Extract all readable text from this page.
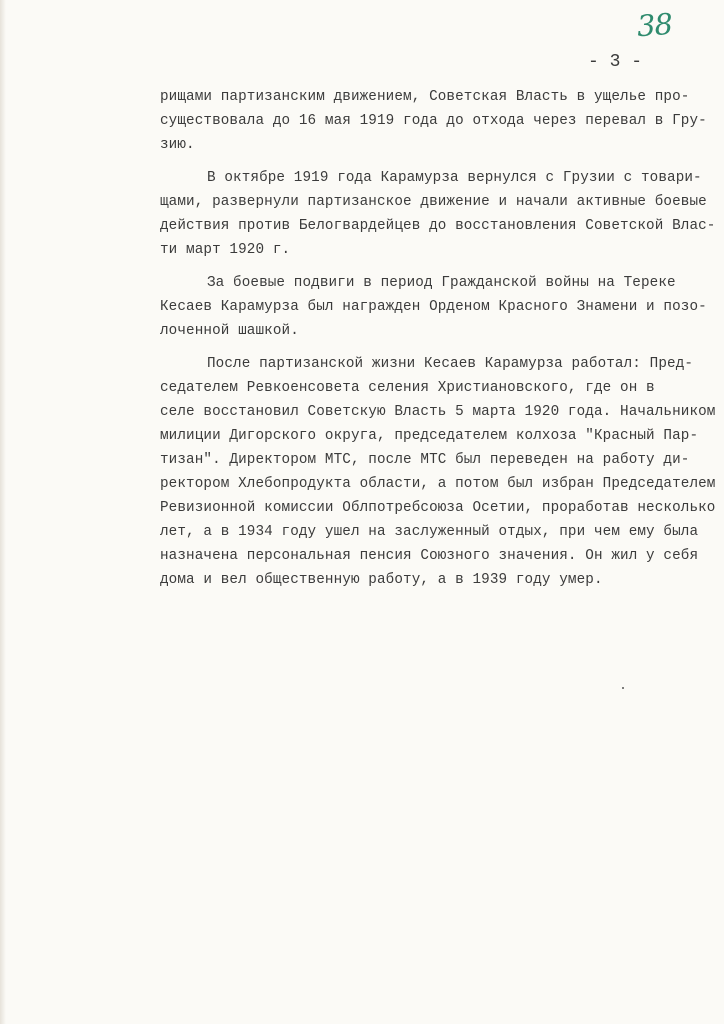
38
- 3 -
рищами партизанским движением, Советская Власть в ущелье про-
существовала до 16 мая 1919 года до отхода через перевал в Гру-
зию.
В октябре 1919 года Карамурза вернулся с Грузии с товари-
щами, развернули партизанское движение и начали активные боевые
действия против Белогвардейцев до восстановления Советской Влас-
ти март 1920 г.
За боевые подвиги в период Гражданской войны на Тереке
Кесаев Карамурза был награжден Орденом Красного Знамени и позо-
лоченной шашкой.
После партизанской жизни Кесаев Карамурза работал: Пред-
седателем Ревкоенсовета селения Христиановского, где он в
селе восстановил Советскую Власть 5 марта 1920 года. Начальником
милиции Дигорского округа, председателем колхоза "Красный Пар-
тизан". Директором МТС, после МТС был переведен на работу ди-
ректором Хлебопродукта области, а потом был избран Председателем
Ревизионной комиссии Облпотребсоюза Осетии, проработав несколько
лет, а в 1934 году ушел на заслуженный отдых, при чем ему была
назначена персональная пенсия Союзного значения. Он жил у себя
дома и вел общественную работу, а в 1939 году умер.
